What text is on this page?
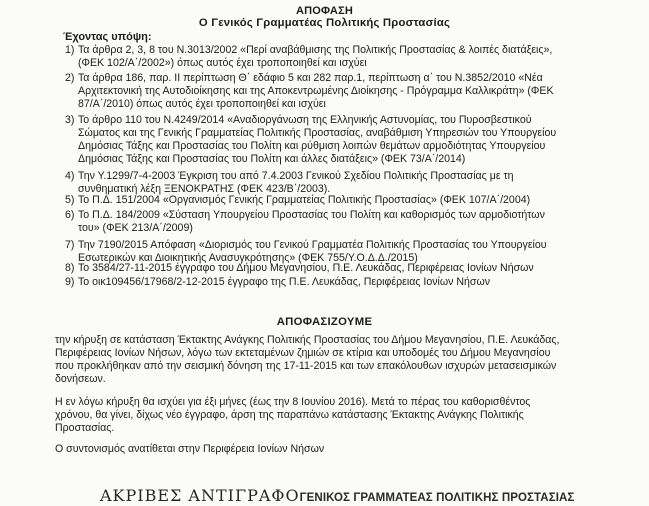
ΑΠΟΦΑΣΗ
Ο Γενικός Γραμματέας Πολιτικής Προστασίας
Έχοντας υπόψη:
1) Τα άρθρα 2, 3, 8 του Ν.3013/2002 «Περί αναβάθμισης της Πολιτικής Προστασίας & λοιπές διατάξεις»,
(ΦΕΚ 102/Α΄/2002») όπως αυτός έχει τροποποιηθεί και ισχύει
2) Τα άρθρα 186, παρ. ΙΙ περίπτωση Θ΄ εδάφιο 5 και 282 παρ.1, περίπτωση α΄ του Ν.3852/2010 «Νέα
Αρχιτεκτονική της Αυτοδιοίκησης και της Αποκεντρωμένης Διοίκησης - Πρόγραμμα Καλλικράτη» (ΦΕΚ
87/Α΄/2010) όπως αυτός έχει τροποποιηθεί και ισχύει
3) Το άρθρο 110 του Ν.4249/2014 «Αναδιοργάνωση της Ελληνικής Αστυνομίας, του Πυροσβεστικού
Σώματος και της Γενικής Γραμματείας Πολιτικής Προστασίας, αναβάθμιση Υπηρεσιών του Υπουργείου
Δημόσιας Τάξης και Προστασίας του Πολίτη και ρύθμιση λοιπών θεμάτων αρμοδιότητας Υπουργείου
Δημόσιας Τάξης και Προστασίας του Πολίτη και άλλες διατάξεις» (ΦΕΚ 73/Α΄/2014)
4) Την Υ.1299/7-4-2003 Έγκριση του από 7.4.2003 Γενικού Σχεδίου Πολιτικής Προστασίας με τη
συνθηματική λέξη ΞΕΝΟΚΡΑΤΗΣ (ΦΕΚ 423/Β΄/2003).
5) Το Π.Δ. 151/2004 «Οργανισμός Γενικής Γραμματείας Πολιτικής Προστασίας» (ΦΕΚ 107/Α΄/2004)
6) Το Π.Δ. 184/2009 «Σύσταση Υπουργείου Προστασίας του Πολίτη και καθορισμός των αρμοδιοτήτων
του» (ΦΕΚ 213/Α΄/2009)
7) Την 7190/2015 Απόφαση «Διορισμός του Γενικού Γραμματέα Πολιτικής Προστασίας του Υπουργείου
Εσωτερικών και Διοικητικής Ανασυγκρότησης» (ΦΕΚ 755/Υ.Ο.Δ.Δ./2015)
8) Το 3584/27-11-2015 έγγραφο του Δήμου Μεγανησίου, Π.Ε. Λευκάδας, Περιφέρειας Ιονίων Νήσων
9) Το οικ109456/17968/2-12-2015 έγγραφο της Π.Ε. Λευκάδας, Περιφέρειας Ιονίων Νήσων
ΑΠΟΦΑΣΙΖΟΥΜΕ
την κήρυξη σε κατάσταση Έκτακτης Ανάγκης Πολιτικής Προστασίας του Δήμου Μεγανησίου, Π.Ε. Λευκάδας,
Περιφέρειας Ιονίων Νήσων, λόγω των εκτεταμένων ζημιών σε κτίρια και υποδομές του Δήμου Μεγανησίου
που προκλήθηκαν από την σεισμική δόνηση της 17-11-2015 και των επακόλουθων ισχυρών μετασεισμικών
δονήσεων.
Η εν λόγω κήρυξη θα ισχύει για έξι μήνες (έως την 8 Ιουνίου 2016). Μετά το πέρας του καθορισθέντος
χρόνου, θα γίνει, δίχως νέο έγγραφο, άρση της παραπάνω κατάστασης Έκτακτης Ανάγκης Πολιτικής
Προστασίας.
Ο συντονισμός ανατίθεται στην Περιφέρεια Ιονίων Νήσων
ΑΚΡΙΒΕΣ ΑΝΤΙΓΡΑΦΟΓΕΝΙΚΟΣ ΓΡΑΜΜΑΤΕΑΣ ΠΟΛΙΤΙΚΗΣ ΠΡΟΣΤΑΣΙΑΣ
